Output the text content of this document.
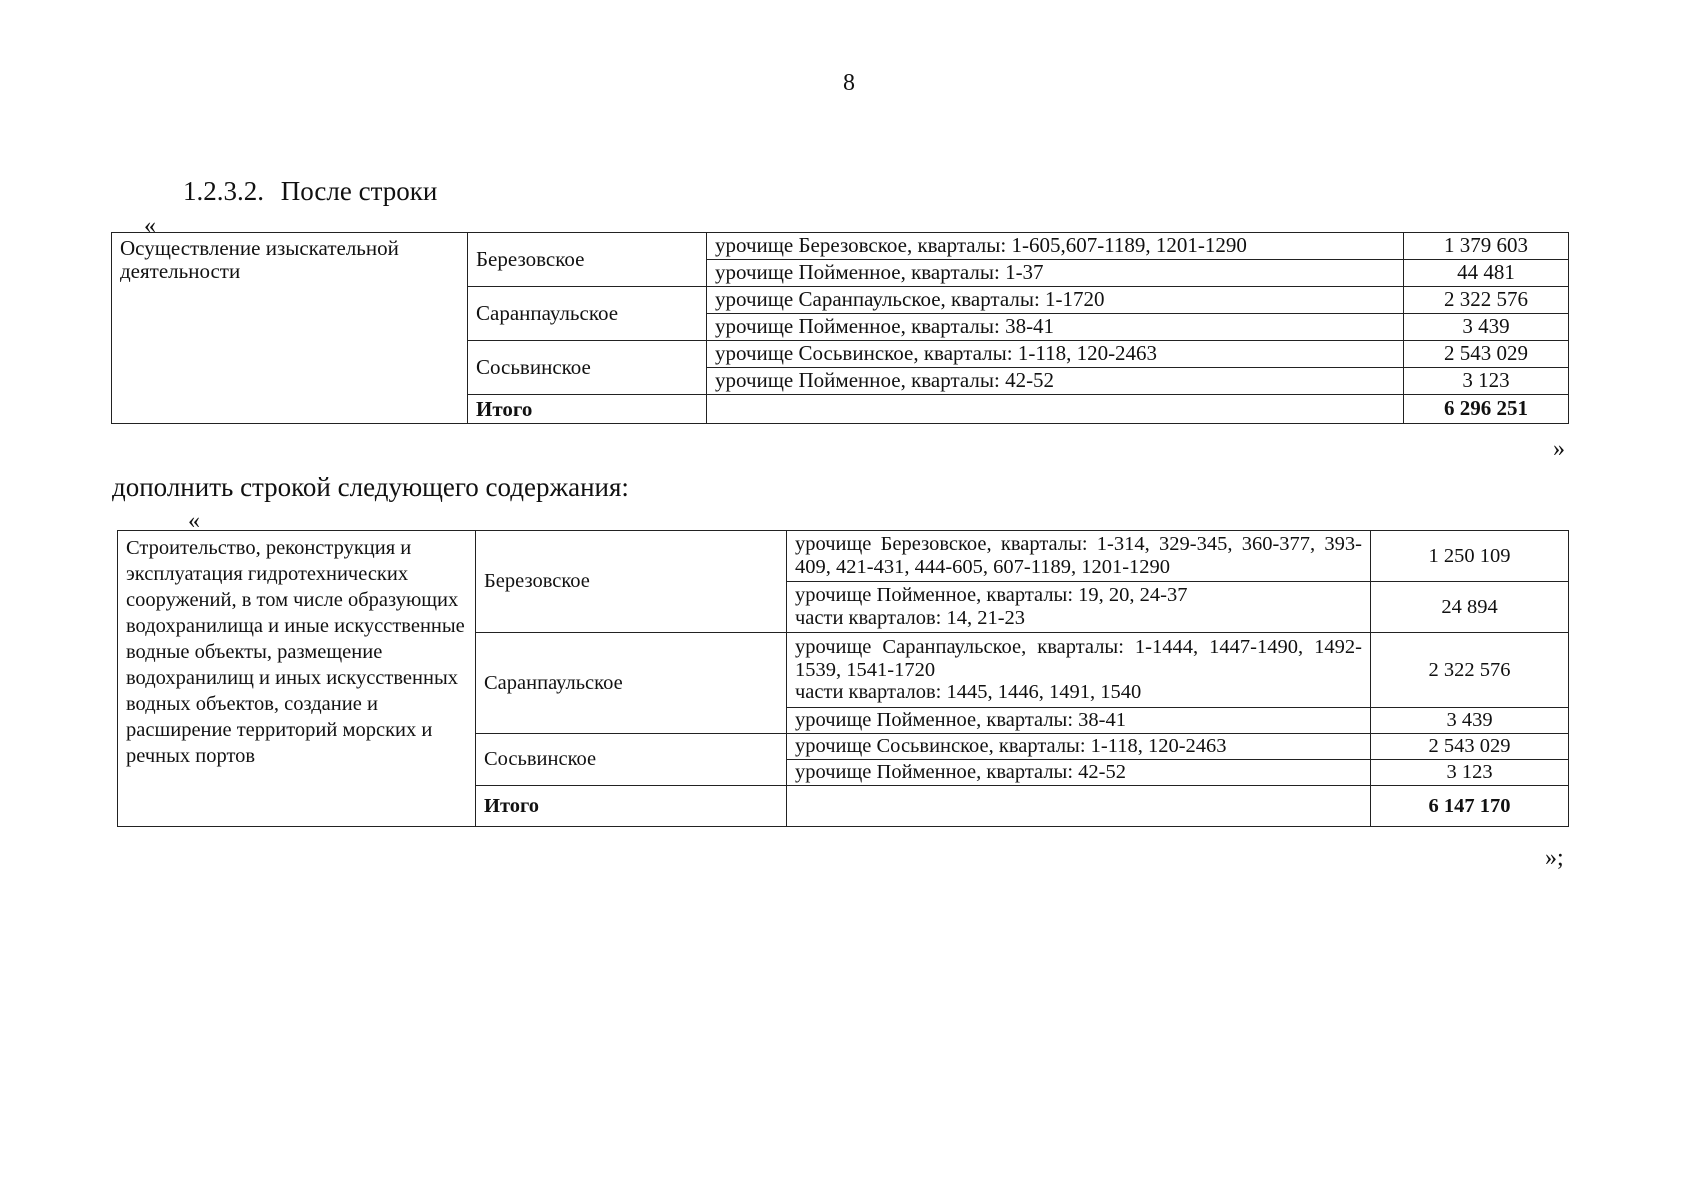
8
1.2.3.2. После строки
«
Осуществление изыскательной деятельности	Березовское	урочище Березовское, кварталы: 1-605,607-1189, 1201-1290	1 379 603
		урочище Пойменное, кварталы: 1-37	44 481
	Саранпаульское	урочище Саранпаульское, кварталы: 1-1720	2 322 576
		урочище Пойменное, кварталы: 38-41	3 439
	Сосьвинское	урочище Сосьвинское, кварталы: 1-118, 120-2463	2 543 029
		урочище Пойменное, кварталы: 42-52	3 123
	Итого		6 296 251
»
дополнить строкой следующего содержания:
«
Строительство, реконструкция и эксплуатация гидротехнических сооружений, в том числе образующих водохранилища и иные искусственные водные объекты, размещение водохранилищ и иных искусственных водных объектов, создание и расширение территорий морских и речных портов	Березовское	урочище Березовское, кварталы: 1-314, 329-345, 360-377, 393-409, 421-431, 444-605, 607-1189, 1201-1290	1 250 109
		урочище Пойменное, кварталы: 19, 20, 24-37
части кварталов: 14, 21-23	24 894
	Саранпаульское	урочище Саранпаульское, кварталы: 1-1444, 1447-1490, 1492-1539, 1541-1720
части кварталов: 1445, 1446, 1491, 1540	2 322 576
		урочище Пойменное, кварталы: 38-41	3 439
	Сосьвинское	урочище Сосьвинское, кварталы: 1-118, 120-2463	2 543 029
		урочище Пойменное, кварталы: 42-52	3 123
	Итого		6 147 170
»;
